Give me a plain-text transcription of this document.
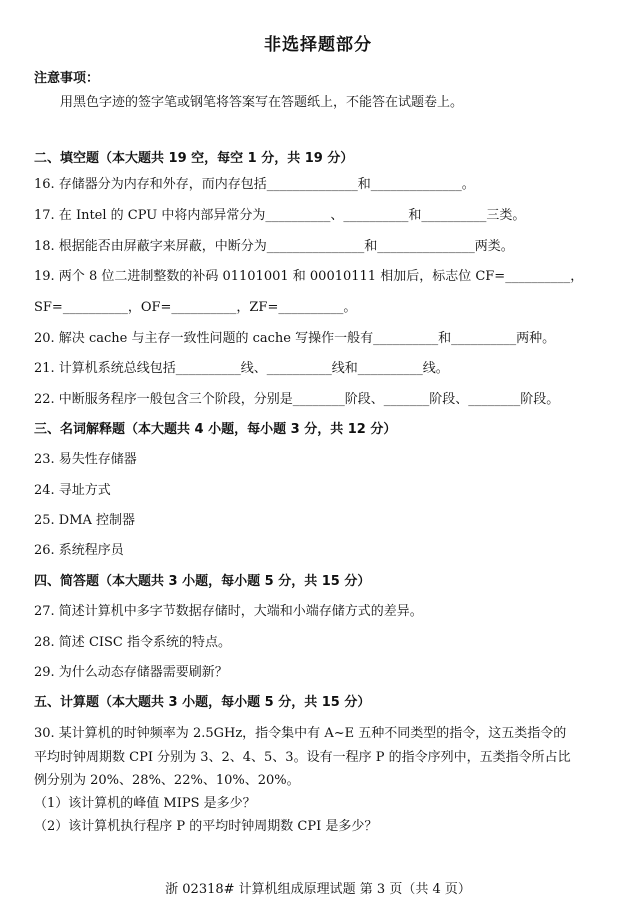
非选择题部分
注意事项：
用黑色字迹的签字笔或钢笔将答案写在答题纸上，不能答在试题卷上。
二、填空题（本大题共 19 空，每空 1 分，共 19 分）
16. 存储器分为内存和外存，而内存包括______________和______________。
17. 在 Intel 的 CPU 中将内部异常分为__________、__________和__________三类。
18. 根据能否由屏蔽字来屏蔽，中断分为_______________和_______________两类。
19. 两个 8 位二进制整数的补码 01101001 和 00010111 相加后，标志位 CF=__________，
SF=__________，OF=__________，ZF=__________。
20. 解决 cache 与主存一致性问题的 cache 写操作一般有__________和__________两种。
21. 计算机系统总线包括__________线、__________线和__________线。
22. 中断服务程序一般包含三个阶段，分别是________阶段、_______阶段、________阶段。
三、名词解释题（本大题共 4 小题，每小题 3 分，共 12 分）
23. 易失性存储器
24. 寻址方式
25. DMA 控制器
26. 系统程序员
四、简答题（本大题共 3 小题，每小题 5 分，共 15 分）
27. 简述计算机中多字节数据存储时，大端和小端存储方式的差异。
28. 简述 CISC 指令系统的特点。
29. 为什么动态存储器需要刷新？
五、计算题（本大题共 3 小题，每小题 5 分，共 15 分）
30. 某计算机的时钟频率为 2.5GHz，指令集中有 A~E 五种不同类型的指令，这五类指令的
平均时钟周期数 CPI 分别为 3、2、4、5、3。设有一程序 P 的指令序列中，五类指令所占比
例分别为 20%、28%、22%、10%、20%。
（1）该计算机的峰值 MIPS 是多少？
（2）该计算机执行程序 P 的平均时钟周期数 CPI 是多少？
浙 02318# 计算机组成原理试题 第 3 页（共 4 页）
